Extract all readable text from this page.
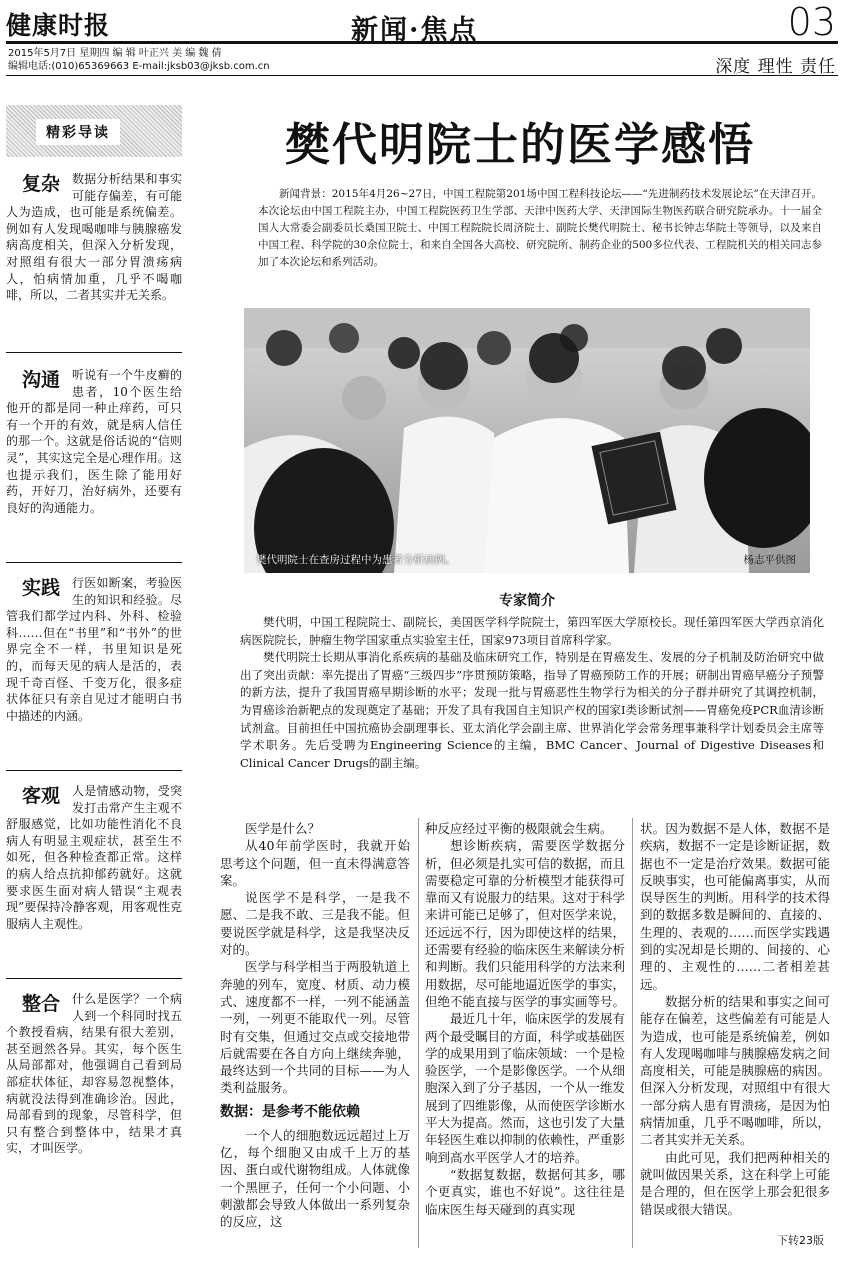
健康时报	新闻·焦点	03
2015年5月7日 星期四 编 辑 叶正兴 美 编 魏 倩
编辑电话:(010)65369663 E-mail:jksb03@jksb.com.cn	深度 理性 责任
樊代明院士的医学感悟
新闻背景：2015年4月26~27日，中国工程院第201场中国工程科技论坛——“先进制药技术发展论坛”在天津召开。本次论坛由中国工程院主办，中国工程院医药卫生学部、天津中医药大学、天津国际生物医药联合研究院承办。十一届全国人大常委会副委员长桑国卫院士、中国工程院院长周济院士、副院长樊代明院士、秘书长钟志华院士等领导，以及来自中国工程、科学院的30余位院士，和来自全国各大高校、研究院所、制药企业的500多位代表、工程院机关的相关同志参加了本次论坛和系列活动。
樊代明院士在查房过程中为患者分析病例。	杨志平供图
专家简介

樊代明，中国工程院院士、副院长，美国医学科学院院士，第四军医大学原校长。现任第四军医大学西京消化病医院院长，肿瘤生物学国家重点实验室主任，国家973项目首席科学家。

樊代明院士长期从事消化系疾病的基础及临床研究工作，特别是在胃癌发生、发展的分子机制及防治研究中做出了突出贡献：率先提出了胃癌“三级四步”序贯预防策略，指导了胃癌预防工作的开展；研制出胃癌早癌分子预警的新方法，提升了我国胃癌早期诊断的水平；发现一批与胃癌恶性生物学行为相关的分子群并研究了其调控机制，为胃癌诊治新靶点的发现奠定了基础；开发了具有我国自主知识产权的国家I类诊断试剂——胃癌免疫PCR血清诊断试剂盒。目前担任中国抗癌协会副理事长、亚太消化学会副主席、世界消化学会常务理事兼科学计划委员会主席等学术职务。先后受聘为Engineering Science的主编，BMC Cancer、Journal of Digestive Diseases和Clinical Cancer Drugs的副主编。

精彩导读
复杂 数据分析结果和事实可能存偏差，有可能人为造成，也可能是系统偏差。例如有人发现喝咖啡与胰腺癌发病高度相关，但深入分析发现，对照组有很大一部分胃溃疡病人，怕病情加重，几乎不喝咖啡，所以，二者其实并无关系。
沟通 听说有一个牛皮癣的患者，10个医生给他开的都是同一种止痒药，可只有一个开的有效，就是病人信任的那一个。这就是俗话说的“信则灵”，其实这完全是心理作用。这也提示我们，医生除了能用好药，开好刀，治好病外，还要有良好的沟通能力。
实践 行医如断案，考验医生的知识和经验。尽管我们都学过内科、外科、检验科……但在“书里”和“书外”的世界完全不一样，书里知识是死的，而每天见的病人是活的，表现千奇百怪、千变万化，很多症状体征只有亲自见过才能明白书中描述的内涵。
客观 人是情感动物，受突发打击常产生主观不舒服感觉，比如功能性消化不良病人有明显主观症状，甚至生不如死，但各种检查都正常。这样的病人给点抗抑郁药就好。这就要求医生面对病人错误“主观表现”要保持冷静客观，用客观性克服病人主观性。
整合 什么是医学？一个病人到一个科同时找五个教授看病，结果有很大差别，甚至迥然各异。其实，每个医生从局部都对，他强调自己看到局部症状体征，却容易忽视整体，病就没法得到准确诊治。因此，局部看到的现象，尽管科学，但只有整合到整体中，结果才真实，才叫医学。

医学是什么？

从40年前学医时，我就开始思考这个问题，但一直未得满意答案。

说医学不是科学，一是我不愿、二是我不敢、三是我不能。但要说医学就是科学，这是我坚决反对的。

医学与科学相当于两股轨道上奔驰的列车，宽度、材质、动力模式、速度都不一样，一列不能涵盖一列，一列更不能取代一列。尽管时有交集，但通过交点或交接地带后就需要在各自方向上继续奔驰，最终达到一个共同的目标——为人类利益服务。

数据：是参考不能依赖

一个人的细胞数远远超过上万亿，每个细胞又由成千上万的基因、蛋白或代谢物组成。人体就像一个黑匣子，任何一个小问题、小刺激都会导致人体做出一系列复杂的反应，这

种反应经过平衡的极限就会生病。

想诊断疾病，需要医学数据分析，但必须是扎实可信的数据，而且需要稳定可靠的分析模型才能获得可靠而又有说服力的结果。这对于科学来讲可能已足够了，但对医学来说，还远远不行，因为即使这样的结果，还需要有经验的临床医生来解读分析和判断。我们只能用科学的方法来利用数据，尽可能地逼近医学的事实，但绝不能直接与医学的事实画等号。

最近几十年，临床医学的发展有两个最受瞩目的方面，科学或基础医学的成果用到了临床领域：一个是检验医学，一个是影像医学。一个从细胞深入到了分子基因，一个从一维发展到了四维影像，从而使医学诊断水平大为提高。然而，这也引发了大量年轻医生难以抑制的依赖性，严重影响到高水平医学人才的培养。

“数据复数据，数据何其多，哪个更真实，谁也不好说”。这往往是临床医生每天碰到的真实现

状。因为数据不是人体，数据不是疾病，数据不一定是诊断证据，数据也不一定是治疗效果。数据可能反映事实，也可能偏离事实，从而误导医生的判断。用科学的技术得到的数据多数是瞬间的、直接的、生理的、表观的……而医学实践遇到的实况却是长期的、间接的、心理的、主观性的……二者相差甚远。

数据分析的结果和事实之间可能存在偏差，这些偏差有可能是人为造成，也可能是系统偏差，例如有人发现喝咖啡与胰腺癌发病之间高度相关，可能是胰腺癌的病因。但深入分析发现，对照组中有很大一部分病人患有胃溃疡，是因为怕病情加重，几乎不喝咖啡，所以，二者其实并无关系。

由此可见，我们把两种相关的就叫做因果关系，这在科学上可能是合理的，但在医学上那会犯很多错误或很大错误。

下转23版
